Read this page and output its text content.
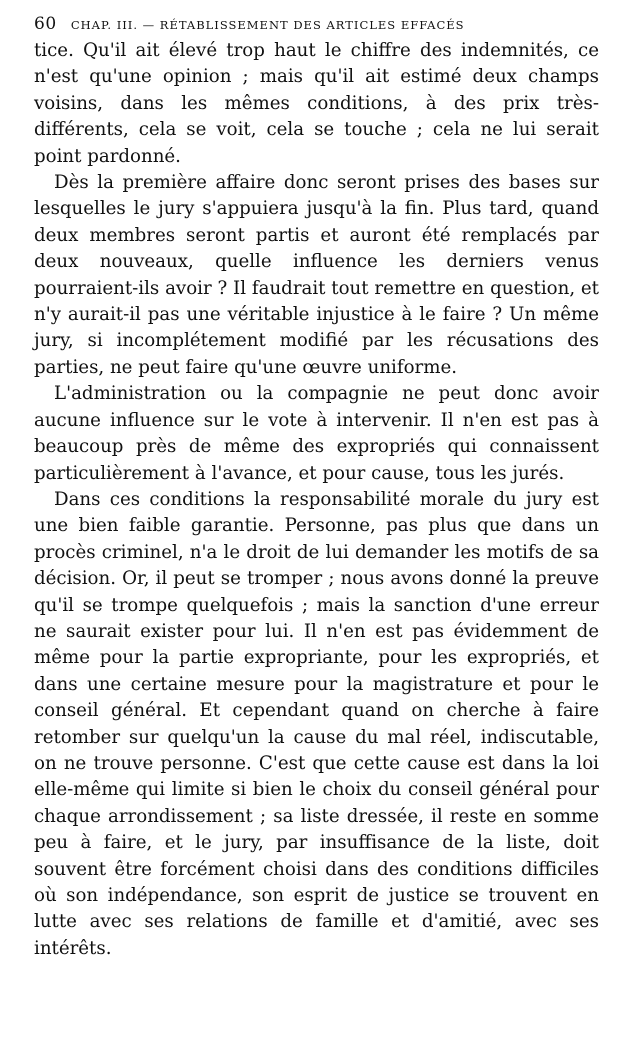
60 CHAP. III. — RÉTABLISSEMENT DES ARTICLES EFFACÉS

tice. Qu'il ait élevé trop haut le chiffre des indemnités, ce n'est qu'une opinion ; mais qu'il ait estimé deux champs voisins, dans les mêmes conditions, à des prix très-différents, cela se voit, cela se touche ; cela ne lui serait point pardonné.

Dès la première affaire donc seront prises des bases sur lesquelles le jury s'appuiera jusqu'à la fin. Plus tard, quand deux membres seront partis et auront été remplacés par deux nouveaux, quelle influence les derniers venus pourraient-ils avoir ? Il faudrait tout remettre en question, et n'y aurait-il pas une véritable injustice à le faire ? Un même jury, si incomplétement modifié par les récusations des parties, ne peut faire qu'une œuvre uniforme.

L'administration ou la compagnie ne peut donc avoir aucune influence sur le vote à intervenir. Il n'en est pas à beaucoup près de même des expropriés qui connaissent particulièrement à l'avance, et pour cause, tous les jurés.

Dans ces conditions la responsabilité morale du jury est une bien faible garantie. Personne, pas plus que dans un procès criminel, n'a le droit de lui demander les motifs de sa décision. Or, il peut se tromper ; nous avons donné la preuve qu'il se trompe quelquefois ; mais la sanction d'une erreur ne saurait exister pour lui. Il n'en est pas évidemment de même pour la partie expropriante, pour les expropriés, et dans une certaine mesure pour la magistrature et pour le conseil général. Et cependant quand on cherche à faire retomber sur quelqu'un la cause du mal réel, indiscutable, on ne trouve personne. C'est que cette cause est dans la loi elle-même qui limite si bien le choix du conseil général pour chaque arrondissement ; sa liste dressée, il reste en somme peu à faire, et le jury, par insuffisance de la liste, doit souvent être forcément choisi dans des conditions difficiles où son indépendance, son esprit de justice se trouvent en lutte avec ses relations de famille et d'amitié, avec ses intérêts.
